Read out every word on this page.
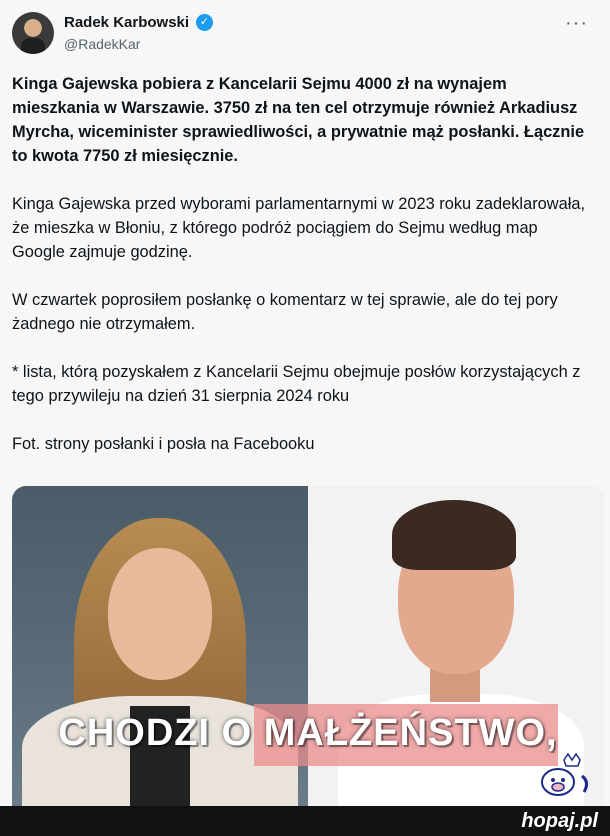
Radek Karbowski ✓
@RadekKar
···

Kinga Gajewska pobiera z Kancelarii Sejmu 4000 zł na wynajem mieszkania w Warszawie. 3750 zł na ten cel otrzymuje również Arkadiusz Myrcha, wiceminister sprawiedliwości, a prywatnie mąż posłanki. Łącznie to kwota 7750 zł miesięcznie.

Kinga Gajewska przed wyborami parlamentarnymi w 2023 roku zadeklarowała, że mieszka w Błoniu, z którego podróż pociągiem do Sejmu według map Google zajmuje godzinę.

W czwartek poprosiłem posłankę o komentarz w tej sprawie, ale do tej pory żadnego nie otrzymałem.

* lista, którą pozyskałem z Kancelarii Sejmu obejmuje posłów korzystających z tego przywileju na dzień 31 sierpnia 2024 roku

Fot. strony posłanki i posła na Facebooku

CHODZI O MAŁŻEŃSTWO,
hopaj.pl
